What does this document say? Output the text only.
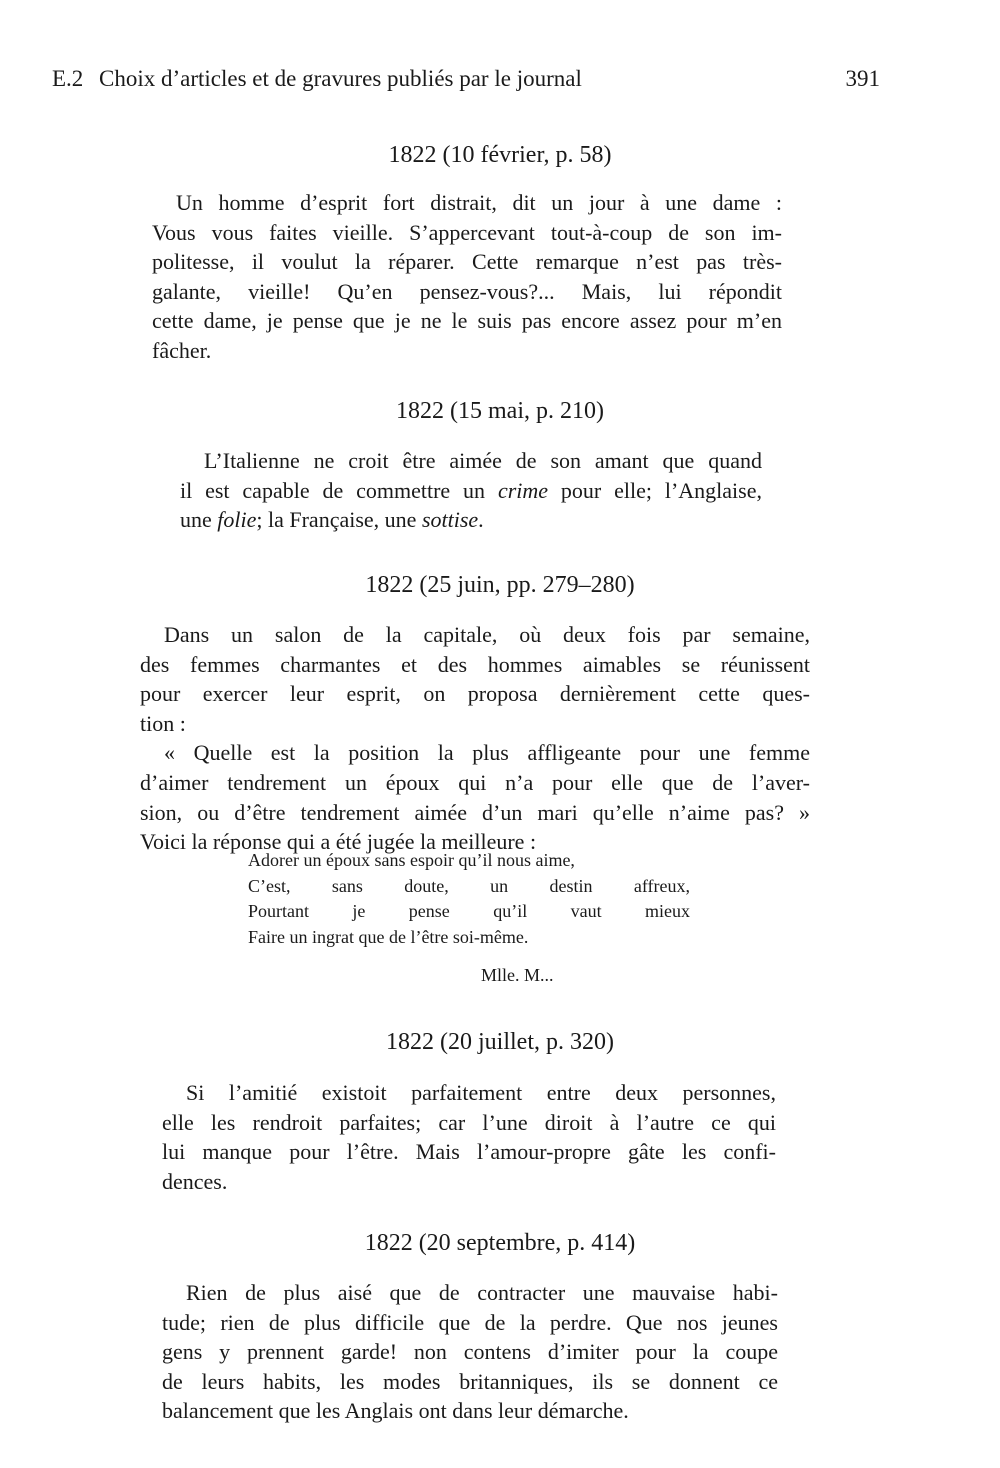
E.2 Choix d’articles et de gravures publiés par le journal	391
1822 (10 février, p. 58)
Un homme d’esprit fort distrait, dit un jour à une dame :
Vous vous faites vieille. S’appercevant tout-à-coup de son im-
politesse, il voulut la réparer. Cette remarque n’est pas très-
galante, vieille! Qu’en pensez-vous?... Mais, lui répondit
cette dame, je pense que je ne le suis pas encore assez pour m’en
fâcher.
1822 (15 mai, p. 210)
L’Italienne ne croit être aimée de son amant que quand
il est capable de commettre un crime pour elle; l’Anglaise,
une folie; la Française, une sottise.
1822 (25 juin, pp. 279–280)
Dans un salon de la capitale, où deux fois par semaine,
des femmes charmantes et des hommes aimables se réunissent
pour exercer leur esprit, on proposa dernièrement cette ques-
tion :
« Quelle est la position la plus affligeante pour une femme
d’aimer tendrement un époux qui n’a pour elle que de l’aver-
sion, ou d’être tendrement aimée d’un mari qu’elle n’aime pas? »
Voici la réponse qui a été jugée la meilleure :
Adorer un époux sans espoir qu’il nous aime,
C’est, sans doute, un destin affreux,
Pourtant je pense qu’il vaut mieux
Faire un ingrat que de l’être soi-même.
Mlle. M...
1822 (20 juillet, p. 320)
Si l’amitié existoit parfaitement entre deux personnes,
elle les rendroit parfaites; car l’une diroit à l’autre ce qui
lui manque pour l’être. Mais l’amour-propre gâte les confi-
dences.
1822 (20 septembre, p. 414)
Rien de plus aisé que de contracter une mauvaise habi-
tude; rien de plus difficile que de la perdre. Que nos jeunes
gens y prennent garde! non contens d’imiter pour la coupe
de leurs habits, les modes britanniques, ils se donnent ce
balancement que les Anglais ont dans leur démarche.
